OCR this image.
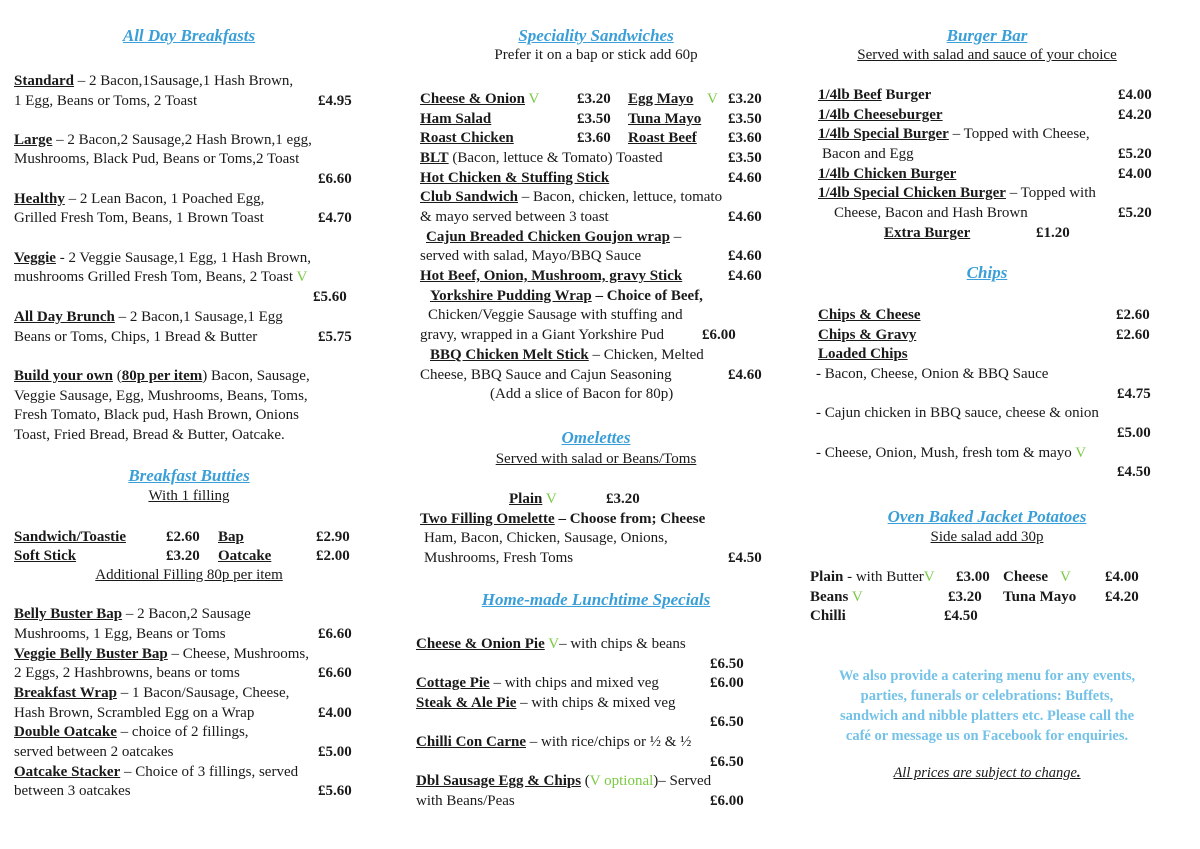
All Day Breakfasts
Standard – 2 Bacon,1Sausage,1 Hash Brown,
1 Egg, Beans or Toms, 2 Toast	£4.95
Large – 2 Bacon,2 Sausage,2 Hash Brown,1 egg,
Mushrooms, Black Pud, Beans or Toms,2 Toast
£6.60
Healthy – 2 Lean Bacon, 1 Poached Egg,
Grilled Fresh Tom, Beans, 1 Brown Toast	£4.70
Veggie - 2 Veggie Sausage,1 Egg, 1 Hash Brown,
mushrooms Grilled Fresh Tom, Beans, 2 Toast V
£5.60
All Day Brunch – 2 Bacon,1 Sausage,1 Egg
Beans or Toms, Chips, 1 Bread & Butter	£5.75
Build your own (80p per item) Bacon, Sausage,
Veggie Sausage, Egg, Mushrooms, Beans, Toms,
Fresh Tomato, Black pud, Hash Brown, Onions
Toast, Fried Bread, Bread & Butter, Oatcake.
Breakfast Butties
With 1 filling
Sandwich/Toastie	£2.60 Bap	£2.90
Soft Stick	£3.20 Oatcake	£2.00
Additional Filling 80p per item
Belly Buster Bap – 2 Bacon,2 Sausage
Mushrooms, 1 Egg, Beans or Toms	£6.60
Veggie Belly Buster Bap – Cheese, Mushrooms,
2 Eggs, 2 Hashbrowns, beans or toms	£6.60
Breakfast Wrap – 1 Bacon/Sausage, Cheese,
Hash Brown, Scrambled Egg on a Wrap	£4.00
Double Oatcake – choice of 2 fillings,
served between 2 oatcakes	£5.00
Oatcake Stacker – Choice of 3 fillings, served
between 3 oatcakes	£5.60
Speciality Sandwiches
Prefer it on a bap or stick add 60p
Cheese & Onion V	£3.20 Egg Mayo V £3.20
Ham Salad	£3.50 Tuna Mayo £3.50
Roast Chicken	£3.60 Roast Beef £3.60
BLT (Bacon, lettuce & Tomato) Toasted	£3.50
Hot Chicken & Stuffing Stick	£4.60
Club Sandwich – Bacon, chicken, lettuce, tomato
& mayo served between 3 toast	£4.60
Cajun Breaded Chicken Goujon wrap –
served with salad, Mayo/BBQ Sauce	£4.60
Hot Beef, Onion, Mushroom, gravy Stick	£4.60
Yorkshire Pudding Wrap – Choice of Beef,
Chicken/Veggie Sausage with stuffing and
gravy, wrapped in a Giant Yorkshire Pud	£6.00
BBQ Chicken Melt Stick – Chicken, Melted
Cheese, BBQ Sauce and Cajun Seasoning	£4.60
(Add a slice of Bacon for 80p)
Omelettes
Served with salad or Beans/Toms
Plain V	£3.20
Two Filling Omelette – Choose from; Cheese
Ham, Bacon, Chicken, Sausage, Onions,
Mushrooms, Fresh Toms	£4.50
Home-made Lunchtime Specials
Cheese & Onion Pie V– with chips & beans
£6.50
Cottage Pie – with chips and mixed veg	£6.00
Steak & Ale Pie – with chips & mixed veg
£6.50
Chilli Con Carne – with rice/chips or ½ & ½
£6.50
Dbl Sausage Egg & Chips (V optional)– Served
with Beans/Peas	£6.00
Burger Bar
Served with salad and sauce of your choice
1/4lb Beef Burger	£4.00
1/4lb Cheeseburger	£4.20
1/4lb Special Burger – Topped with Cheese,
Bacon and Egg	£5.20
1/4lb Chicken Burger	£4.00
1/4lb Special Chicken Burger – Topped with
Cheese, Bacon and Hash Brown	£5.20
Extra Burger	£1.20
Chips
Chips & Cheese	£2.60
Chips & Gravy	£2.60
Loaded Chips
- Bacon, Cheese, Onion & BBQ Sauce
£4.75
- Cajun chicken in BBQ sauce, cheese & onion
£5.00
- Cheese, Onion, Mush, fresh tom & mayo V
£4.50
Oven Baked Jacket Potatoes
Side salad add 30p
Plain - with ButterV £3.00 Cheese V £4.00
Beans V	£3.20 Tuna Mayo £4.20
Chilli	£4.50
We also provide a catering menu for any events,
parties, funerals or celebrations: Buffets,
sandwich and nibble platters etc. Please call the
café or message us on Facebook for enquiries.
All prices are subject to change.
